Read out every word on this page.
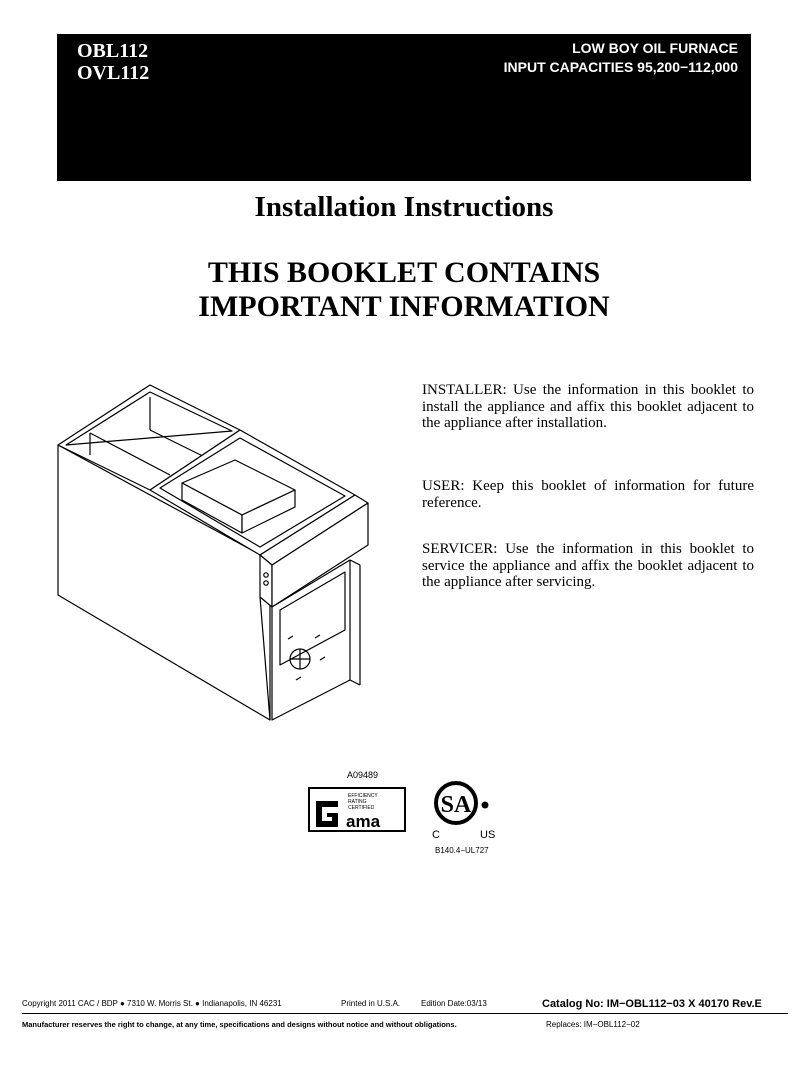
OBL112
OVL112
LOW BOY OIL FURNACE
INPUT CAPACITIES 95,200−112,000
Installation Instructions
THIS BOOKLET CONTAINS
IMPORTANT INFORMATION
A09489
INSTALLER: Use the information in this booklet to install the appliance and affix this booklet adjacent to the appliance after installation.
USER: Keep this booklet of information for future reference.
SERVICER: Use the information in this booklet to service the appliance and affix the booklet adjacent to the appliance after servicing.
EFFICIENCY
RATING
CERTIFIED
ama
SA
C	US
B140.4−UL727
Copyright 2011 CAC / BDP ● 7310 W. Morris St. ● Indianapolis, IN 46231	Printed in U.S.A.	Edition Date:03/13	Catalog No: IM−OBL112−03 X 40170 Rev.E
Manufacturer reserves the right to change, at any time, specifications and designs without notice and without obligations.	Replaces: IM−OBL112−02
